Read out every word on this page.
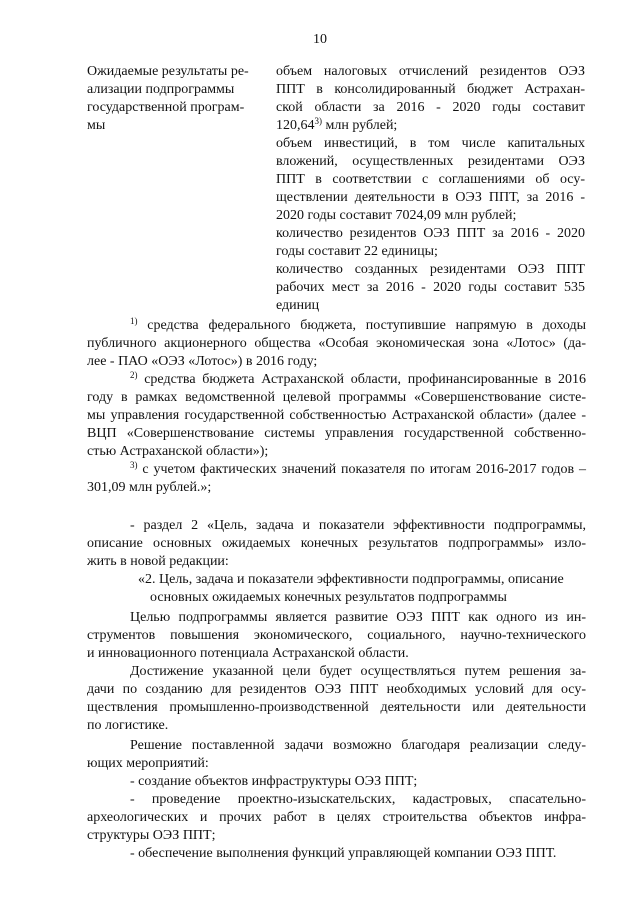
10
Ожидаемые результаты ре-
ализации подпрограммы
государственной програм-
мы
объем налоговых отчислений резидентов ОЭЗ
ППТ в консолидированный бюджет Астрахан-
ской области за 2016 - 2020 годы составит
120,64$^{3)}$ млн рублей;
объем инвестиций, в том числе капитальных
вложений, осуществленных резидентами ОЭЗ
ППТ в соответствии с соглашениями об осу-
ществлении деятельности в ОЭЗ ППТ, за 2016 -
2020 годы составит 7024,09 млн рублей;
количество резидентов ОЭЗ ППТ за 2016 - 2020
годы составит 22 единицы;
количество созданных резидентами ОЭЗ ППТ
рабочих мест за 2016 - 2020 годы составит 535
единиц
$^{1)}$ средства федерального бюджета, поступившие напрямую в доходы
публичного акционерного общества «Особая экономическая зона «Лотос» (да-
лее - ПАО «ОЭЗ «Лотос») в 2016 году;
$^{2)}$ средства бюджета Астраханской области, профинансированные в 2016
году в рамках ведомственной целевой программы «Совершенствование систе-
мы управления государственной собственностью Астраханской области» (далее -
ВЦП «Совершенствование системы управления государственной собственно-
стью Астраханской области»);
$^{3)}$ с учетом фактических значений показателя по итогам 2016-2017 годов –
301,09 млн рублей.»;
- раздел 2 «Цель, задача и показатели эффективности подпрограммы,
описание основных ожидаемых конечных результатов подпрограммы» изло-
жить в новой редакции:
«2. Цель, задача и показатели эффективности подпрограммы, описание
основных ожидаемых конечных результатов подпрограммы
Целью подпрограммы является развитие ОЭЗ ППТ как одного из ин-
струментов повышения экономического, социального, научно-технического
и инновационного потенциала Астраханской области.
Достижение указанной цели будет осуществляться путем решения за-
дачи по созданию для резидентов ОЭЗ ППТ необходимых условий для осу-
ществления промышленно-производственной деятельности или деятельности
по логистике.
Решение поставленной задачи возможно благодаря реализации следу-
ющих мероприятий:
- создание объектов инфраструктуры ОЭЗ ППТ;
- проведение проектно-изыскательских, кадастровых, спасательно-
археологических и прочих работ в целях строительства объектов инфра-
структуры ОЭЗ ППТ;
- обеспечение выполнения функций управляющей компании ОЭЗ ППТ.
